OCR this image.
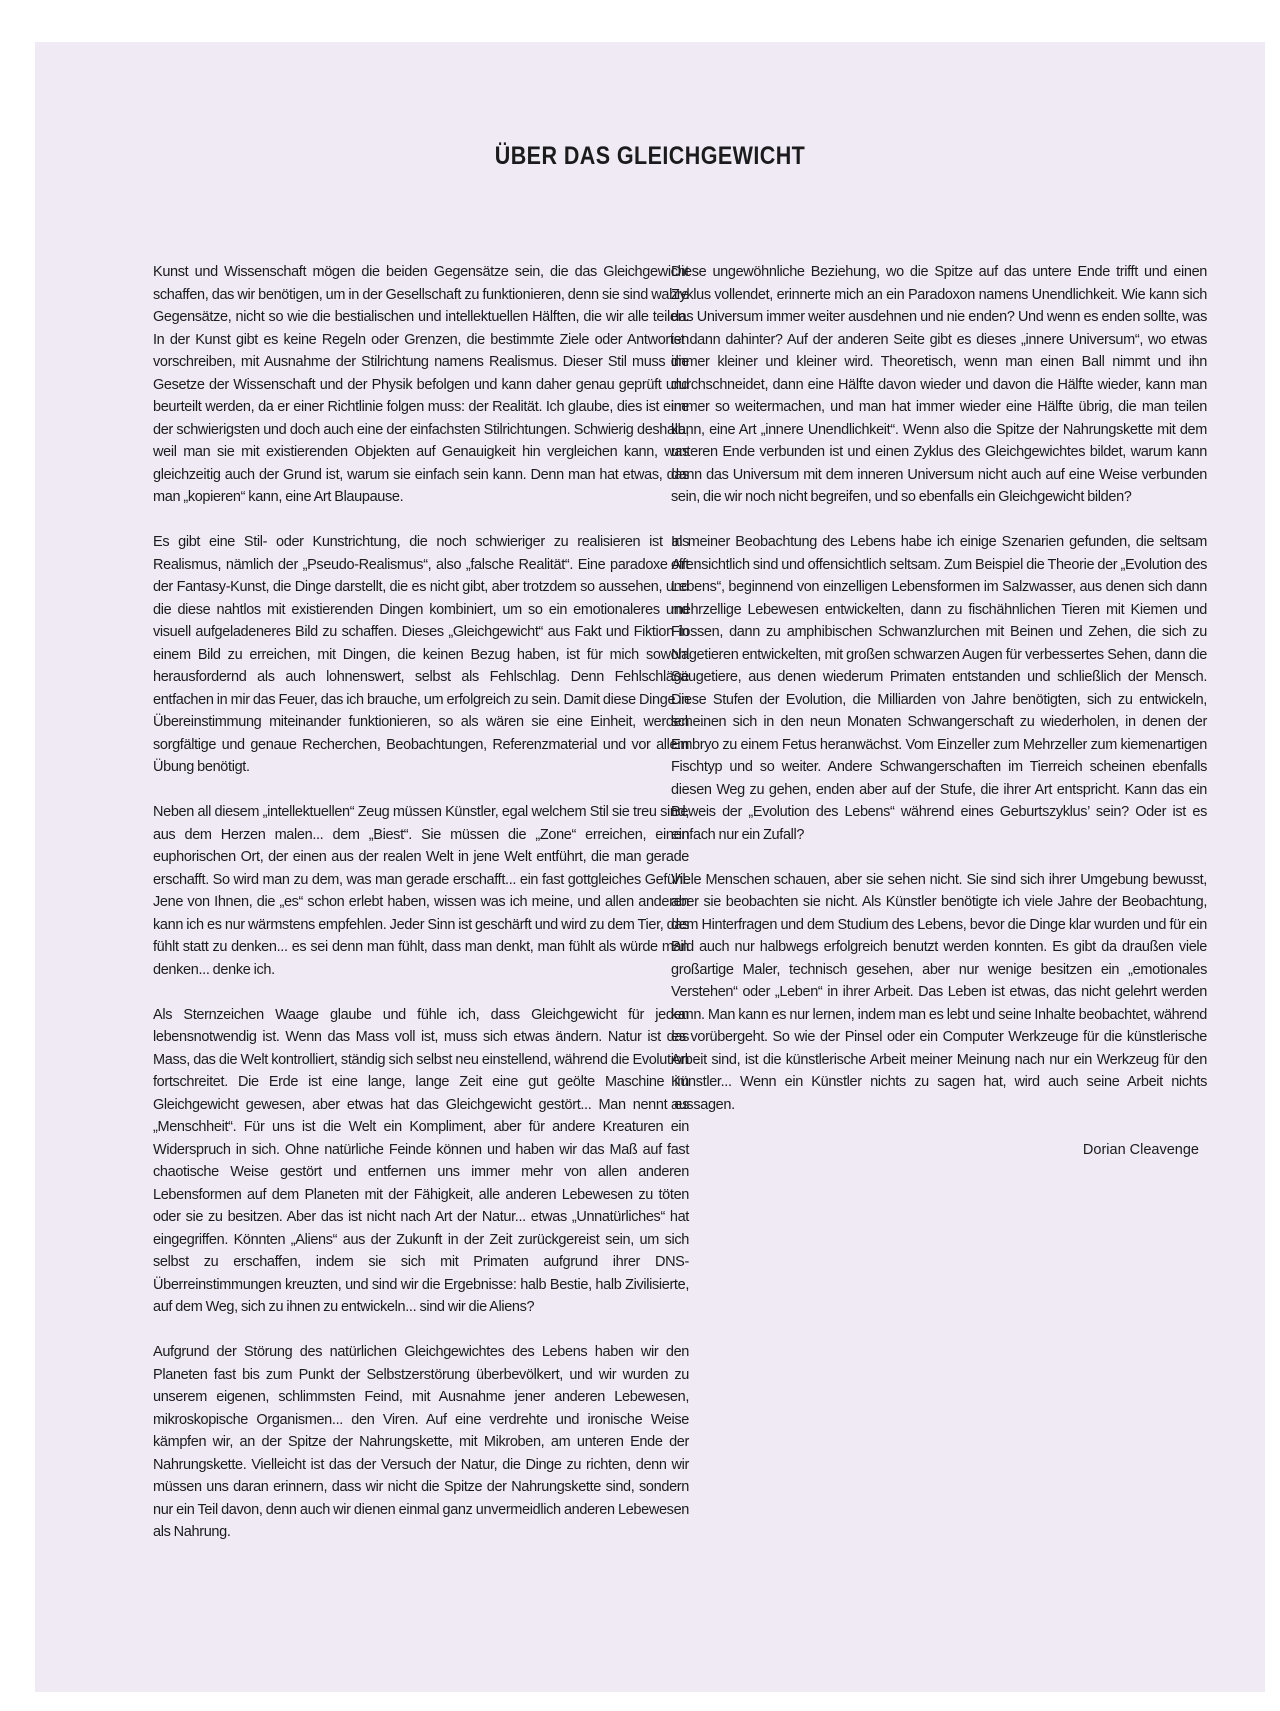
ÜBER DAS GLEICHGEWICHT

Kunst und Wissenschaft mögen die beiden Gegensätze sein, die das Gleichgewicht schaffen, das wir benötigen, um in der Gesellschaft zu funktionieren, denn sie sind wahre Gegensätze, nicht so wie die bestialischen und intellektuellen Hälften, die wir alle teilen. In der Kunst gibt es keine Regeln oder Grenzen, die bestimmte Ziele oder Antworten vorschreiben, mit Ausnahme der Stilrichtung namens Realismus. Dieser Stil muss die Gesetze der Wissenschaft und der Physik befolgen und kann daher genau geprüft und beurteilt werden, da er einer Richtlinie folgen muss: der Realität. Ich glaube, dies ist eine der schwierigsten und doch auch eine der einfachsten Stilrichtungen. Schwierig deshalb, weil man sie mit existierenden Objekten auf Genauigkeit hin vergleichen kann, was gleichzeitig auch der Grund ist, warum sie einfach sein kann. Denn man hat etwas, das man „kopieren“ kann, eine Art Blaupause.

Es gibt eine Stil- oder Kunstrichtung, die noch schwieriger zu realisieren ist als Realismus, nämlich der „Pseudo-Realismus“, also „falsche Realität“. Eine paradoxe Art der Fantasy-Kunst, die Dinge darstellt, die es nicht gibt, aber trotzdem so aussehen, und die diese nahtlos mit existierenden Dingen kombiniert, um so ein emotionaleres und visuell aufgeladeneres Bild zu schaffen. Dieses „Gleichgewicht“ aus Fakt und Fiktion in einem Bild zu erreichen, mit Dingen, die keinen Bezug haben, ist für mich sowohl herausfordernd als auch lohnenswert, selbst als Fehlschlag. Denn Fehlschläge entfachen in mir das Feuer, das ich brauche, um erfolgreich zu sein. Damit diese Dinge in Übereinstimmung miteinander funktionieren, so als wären sie eine Einheit, werden sorgfältige und genaue Recherchen, Beobachtungen, Referenzmaterial und vor allem Übung benötigt.

Neben all diesem „intellektuellen“ Zeug müssen Künstler, egal welchem Stil sie treu sind, aus dem Herzen malen... dem „Biest“. Sie müssen die „Zone“ erreichen, einen euphorischen Ort, der einen aus der realen Welt in jene Welt entführt, die man gerade erschafft. So wird man zu dem, was man gerade erschafft... ein fast gottgleiches Gefühl. Jene von Ihnen, die „es“ schon erlebt haben, wissen was ich meine, und allen anderen kann ich es nur wärmstens empfehlen. Jeder Sinn ist geschärft und wird zu dem Tier, das fühlt statt zu denken... es sei denn man fühlt, dass man denkt, man fühlt als würde man denken... denke ich.

Als Sternzeichen Waage glaube und fühle ich, dass Gleichgewicht für jeden lebensnotwendig ist. Wenn das Mass voll ist, muss sich etwas ändern. Natur ist das Mass, das die Welt kontrolliert, ständig sich selbst neu einstellend, während die Evolution fortschreitet. Die Erde ist eine lange, lange Zeit eine gut geölte Maschine im Gleichgewicht gewesen, aber etwas hat das Gleichgewicht gestört... Man nennt es „Menschheit“. Für uns ist die Welt ein Kompliment, aber für andere Kreaturen ein Widerspruch in sich. Ohne natürliche Feinde können und haben wir das Maß auf fast chaotische Weise gestört und entfernen uns immer mehr von allen anderen Lebensformen auf dem Planeten mit der Fähigkeit, alle anderen Lebewesen zu töten oder sie zu besitzen. Aber das ist nicht nach Art der Natur... etwas „Unnatürliches“ hat eingegriffen. Könnten „Aliens“ aus der Zukunft in der Zeit zurückgereist sein, um sich selbst zu erschaffen, indem sie sich mit Primaten aufgrund ihrer DNS-Überreinstimmungen kreuzten, und sind wir die Ergebnisse: halb Bestie, halb Zivilisierte, auf dem Weg, sich zu ihnen zu entwickeln... sind wir die Aliens?

Aufgrund der Störung des natürlichen Gleichgewichtes des Lebens haben wir den Planeten fast bis zum Punkt der Selbstzerstörung überbevölkert, und wir wurden zu unserem eigenen, schlimmsten Feind, mit Ausnahme jener anderen Lebewesen, mikroskopische Organismen... den Viren. Auf eine verdrehte und ironische Weise kämpfen wir, an der Spitze der Nahrungskette, mit Mikroben, am unteren Ende der Nahrungskette. Vielleicht ist das der Versuch der Natur, die Dinge zu richten, denn wir müssen uns daran erinnern, dass wir nicht die Spitze der Nahrungskette sind, sondern nur ein Teil davon, denn auch wir dienen einmal ganz unvermeidlich anderen Lebewesen als Nahrung.

Diese ungewöhnliche Beziehung, wo die Spitze auf das untere Ende trifft und einen Zyklus vollendet, erinnerte mich an ein Paradoxon namens Unendlichkeit. Wie kann sich das Universum immer weiter ausdehnen und nie enden? Und wenn es enden sollte, was ist dann dahinter? Auf der anderen Seite gibt es dieses „innere Universum“, wo etwas immer kleiner und kleiner wird. Theoretisch, wenn man einen Ball nimmt und ihn durchschneidet, dann eine Hälfte davon wieder und davon die Hälfte wieder, kann man immer so weitermachen, und man hat immer wieder eine Hälfte übrig, die man teilen kann, eine Art „innere Unendlichkeit“. Wenn also die Spitze der Nahrungskette mit dem unteren Ende verbunden ist und einen Zyklus des Gleichgewichtes bildet, warum kann dann das Universum mit dem inneren Universum nicht auch auf eine Weise verbunden sein, die wir noch nicht begreifen, und so ebenfalls ein Gleichgewicht bilden?

In meiner Beobachtung des Lebens habe ich einige Szenarien gefunden, die seltsam offensichtlich sind und offensichtlich seltsam. Zum Beispiel die Theorie der „Evolution des Lebens“, beginnend von einzelligen Lebensformen im Salzwasser, aus denen sich dann mehrzellige Lebewesen entwickelten, dann zu fischähnlichen Tieren mit Kiemen und Flossen, dann zu amphibischen Schwanzlurchen mit Beinen und Zehen, die sich zu Nagetieren entwickelten, mit großen schwarzen Augen für verbessertes Sehen, dann die Säugetiere, aus denen wiederum Primaten entstanden und schließlich der Mensch. Diese Stufen der Evolution, die Milliarden von Jahre benötigten, sich zu entwickeln, scheinen sich in den neun Monaten Schwangerschaft zu wiederholen, in denen der Embryo zu einem Fetus heranwächst. Vom Einzeller zum Mehrzeller zum kiemenartigen Fischtyp und so weiter. Andere Schwangerschaften im Tierreich scheinen ebenfalls diesen Weg zu gehen, enden aber auf der Stufe, die ihrer Art entspricht. Kann das ein Beweis der „Evolution des Lebens“ während eines Geburtszyklus’ sein? Oder ist es einfach nur ein Zufall?

Viele Menschen schauen, aber sie sehen nicht. Sie sind sich ihrer Umgebung bewusst, aber sie beobachten sie nicht. Als Künstler benötigte ich viele Jahre der Beobachtung, dem Hinterfragen und dem Studium des Lebens, bevor die Dinge klar wurden und für ein Bild auch nur halbwegs erfolgreich benutzt werden konnten. Es gibt da draußen viele großartige Maler, technisch gesehen, aber nur wenige besitzen ein „emotionales Verstehen“ oder „Leben“ in ihrer Arbeit. Das Leben ist etwas, das nicht gelehrt werden kann. Man kann es nur lernen, indem man es lebt und seine Inhalte beobachtet, während es vorübergeht. So wie der Pinsel oder ein Computer Werkzeuge für die künstlerische Arbeit sind, ist die künstlerische Arbeit meiner Meinung nach nur ein Werkzeug für den Künstler... Wenn ein Künstler nichts zu sagen hat, wird auch seine Arbeit nichts aussagen.

Dorian Cleavenge
